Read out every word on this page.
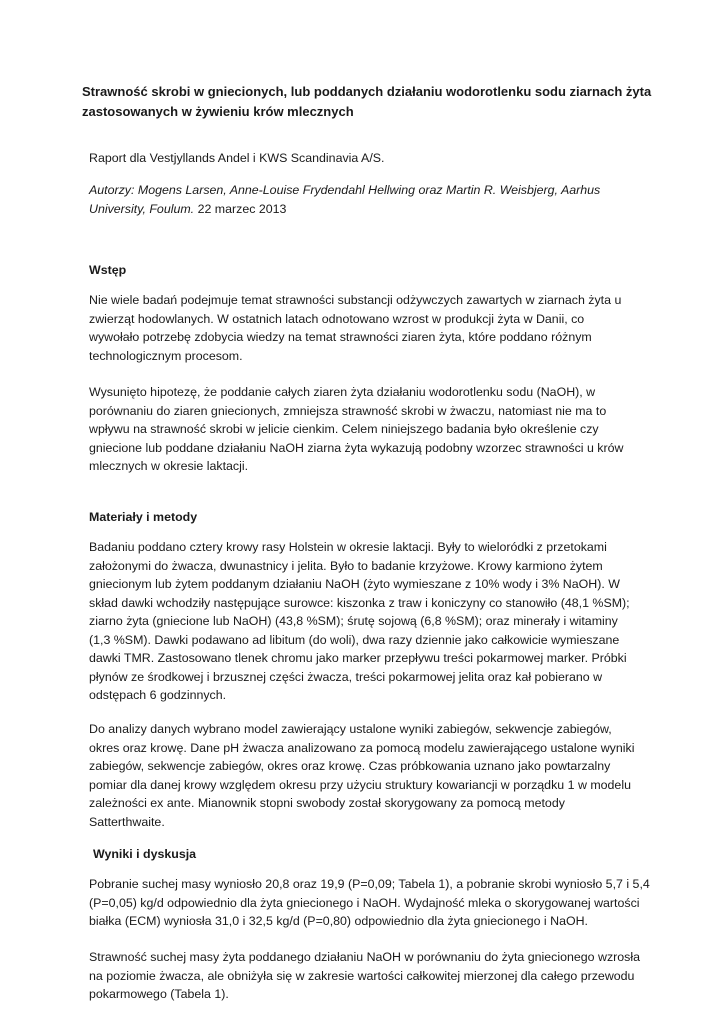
Strawność skrobi w gniecionych, lub poddanych działaniu wodorotlenku sodu ziarnach żyta
zastosowanych w żywieniu krów mlecznych

Raport dla Vestjyllands Andel i KWS Scandinavia A/S.

Autorzy: Mogens Larsen, Anne-Louise Frydendahl Hellwing oraz Martin R. Weisbjerg, Aarhus
University, Foulum. 22 marzec 2013

Wstęp

Nie wiele badań podejmuje temat strawności substancji odżywczych zawartych w ziarnach żyta u
zwierząt hodowlanych. W ostatnich latach odnotowano wzrost w produkcji żyta w Danii, co
wywołało potrzebę zdobycia wiedzy na temat strawności ziaren żyta, które poddano różnym
technologicznym procesom.

Wysunięto hipotezę, że poddanie całych ziaren żyta działaniu wodorotlenku sodu (NaOH), w
porównaniu do ziaren gniecionych, zmniejsza strawność skrobi w żwaczu, natomiast nie ma to
wpływu na strawność skrobi w jelicie cienkim. Celem niniejszego badania było określenie czy
gniecione lub poddane działaniu NaOH ziarna żyta wykazują podobny wzorzec strawności u krów
mlecznych w okresie laktacji.

Materiały i metody

Badaniu poddano cztery krowy rasy Holstein w okresie laktacji. Były to wieloródki z przetokami
założonymi do żwacza, dwunastnicy i jelita. Było to badanie krzyżowe. Krowy karmiono żytem
gniecionym lub żytem poddanym działaniu NaOH (żyto wymieszane z 10% wody i 3% NaOH). W
skład dawki wchodziły następujące surowce: kiszonka z traw i koniczyny co stanowiło (48,1 %SM);
ziarno żyta (gniecione lub NaOH) (43,8 %SM); śrutę sojową (6,8 %SM); oraz minerały i witaminy
(1,3 %SM). Dawki podawano ad libitum (do woli), dwa razy dziennie jako całkowicie wymieszane
dawki TMR. Zastosowano tlenek chromu jako marker przepływu treści pokarmowej marker. Próbki
płynów ze środkowej i brzusznej części żwacza, treści pokarmowej jelita oraz kał pobierano w
odstępach 6 godzinnych.

Do analizy danych wybrano model zawierający ustalone wyniki zabiegów, sekwencje zabiegów,
okres oraz krowę. Dane pH żwacza analizowano za pomocą modelu zawierającego ustalone wyniki
zabiegów, sekwencje zabiegów, okres oraz krowę. Czas próbkowania uznano jako powtarzalny
pomiar dla danej krowy względem okresu przy użyciu struktury kowariancji w porządku 1 w modelu
zależności ex ante. Mianownik stopni swobody został skorygowany za pomocą metody
Satterthwaite.

Wyniki i dyskusja

Pobranie suchej masy wyniosło 20,8 oraz 19,9 (P=0,09; Tabela 1), a pobranie skrobi wyniosło 5,7 i 5,4
(P=0,05) kg/d odpowiednio dla żyta gniecionego i NaOH. Wydajność mleka o skorygowanej wartości
białka (ECM) wyniosła 31,0 i 32,5 kg/d (P=0,80) odpowiednio dla żyta gniecionego i NaOH.

Strawność suchej masy żyta poddanego działaniu NaOH w porównaniu do żyta gniecionego wzrosła
na poziomie żwacza, ale obniżyła się w zakresie wartości całkowitej mierzonej dla całego przewodu
pokarmowego (Tabela 1).
